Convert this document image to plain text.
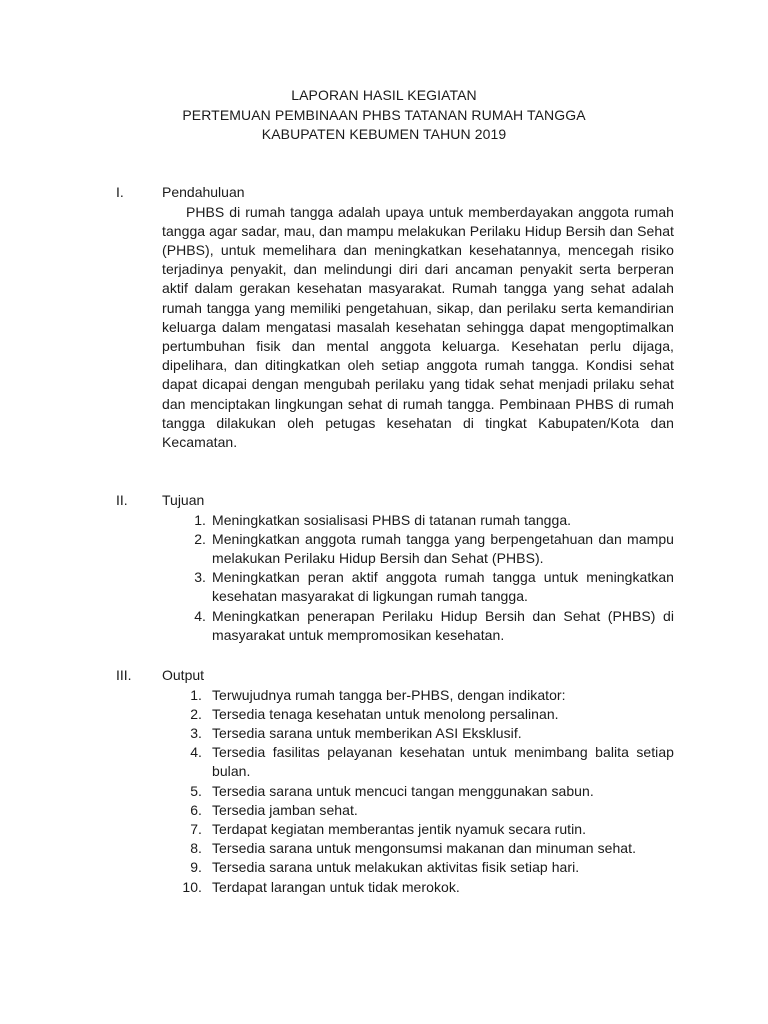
LAPORAN HASIL KEGIATAN
PERTEMUAN PEMBINAAN PHBS TATANAN RUMAH TANGGA
KABUPATEN KEBUMEN TAHUN 2019
I.	Pendahuluan

PHBS di rumah tangga adalah upaya untuk memberdayakan anggota rumah tangga agar sadar, mau, dan mampu melakukan Perilaku Hidup Bersih dan Sehat (PHBS), untuk memelihara dan meningkatkan kesehatannya, mencegah risiko terjadinya penyakit, dan melindungi diri dari ancaman penyakit serta berperan aktif dalam gerakan kesehatan masyarakat. Rumah tangga yang sehat adalah rumah tangga yang memiliki pengetahuan, sikap, dan perilaku serta kemandirian keluarga dalam mengatasi masalah kesehatan sehingga dapat mengoptimalkan pertumbuhan fisik dan mental anggota keluarga. Kesehatan perlu dijaga, dipelihara, dan ditingkatkan oleh setiap anggota rumah tangga. Kondisi sehat dapat dicapai dengan mengubah perilaku yang tidak sehat menjadi prilaku sehat dan menciptakan lingkungan sehat di rumah tangga. Pembinaan PHBS di rumah tangga dilakukan oleh petugas kesehatan di tingkat Kabupaten/Kota dan Kecamatan.

II. Tujuan
1. Meningkatkan sosialisasi PHBS di tatanan rumah tangga.
2. Meningkatkan anggota rumah tangga yang berpengetahuan dan mampu melakukan Perilaku Hidup Bersih dan Sehat (PHBS).
3. Meningkatkan peran aktif anggota rumah tangga untuk meningkatkan kesehatan masyarakat di ligkungan rumah tangga.
4. Meningkatkan penerapan Perilaku Hidup Bersih dan Sehat (PHBS) di masyarakat untuk mempromosikan kesehatan.
III. Output
1. Terwujudnya rumah tangga ber-PHBS, dengan indikator:
2. Tersedia tenaga kesehatan untuk menolong persalinan.
3. Tersedia sarana untuk memberikan ASI Eksklusif.
4. Tersedia fasilitas pelayanan kesehatan untuk menimbang balita setiap bulan.
5. Tersedia sarana untuk mencuci tangan menggunakan sabun.
6. Tersedia jamban sehat.
7. Terdapat kegiatan memberantas jentik nyamuk secara rutin.
8. Tersedia sarana untuk mengonsumsi makanan dan minuman sehat.
9. Tersedia sarana untuk melakukan aktivitas fisik setiap hari.
10. Terdapat larangan untuk tidak merokok.
